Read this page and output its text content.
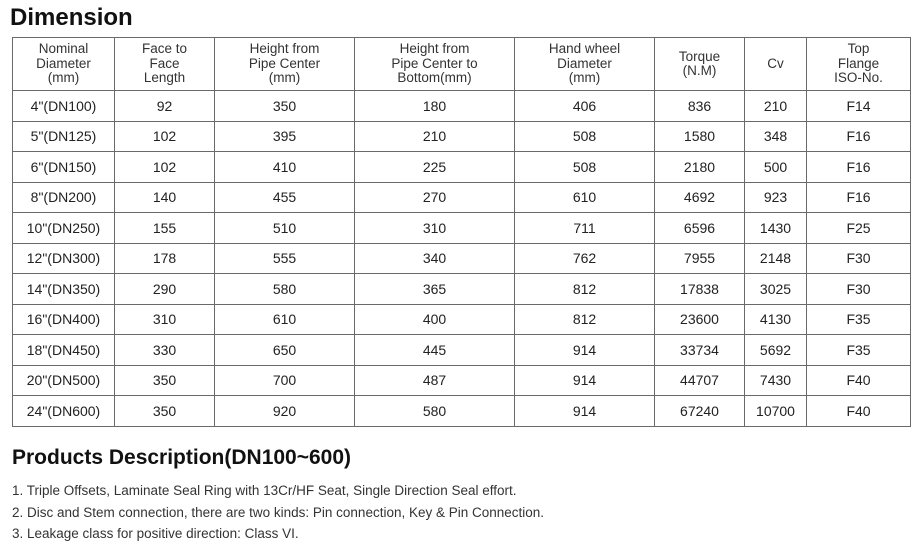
Dimension
Nominal
Diameter
(mm)	Face to
Face
Length	Height from
Pipe Center
(mm)	Height from
Pipe Center to
Bottom(mm)	Hand wheel
Diameter
(mm)	Torque
(N.M)	Cv	Top
Flange
ISO-No.
4"(DN100)	92	350	180	406	836	210	F14
5"(DN125)	102	395	210	508	1580	348	F16
6"(DN150)	102	410	225	508	2180	500	F16
8"(DN200)	140	455	270	610	4692	923	F16
10"(DN250)	155	510	310	711	6596	1430	F25
12"(DN300)	178	555	340	762	7955	2148	F30
14"(DN350)	290	580	365	812	17838	3025	F30
16"(DN400)	310	610	400	812	23600	4130	F35
18"(DN450)	330	650	445	914	33734	5692	F35
20"(DN500)	350	700	487	914	44707	7430	F40
24"(DN600)	350	920	580	914	67240	10700	F40
Products Description(DN100~600)
1. Triple Offsets, Laminate Seal Ring with 13Cr/HF Seat, Single Direction Seal effort.
2. Disc and Stem connection, there are two kinds: Pin connection, Key & Pin Connection.
3. Leakage class for positive direction: Class VI.
